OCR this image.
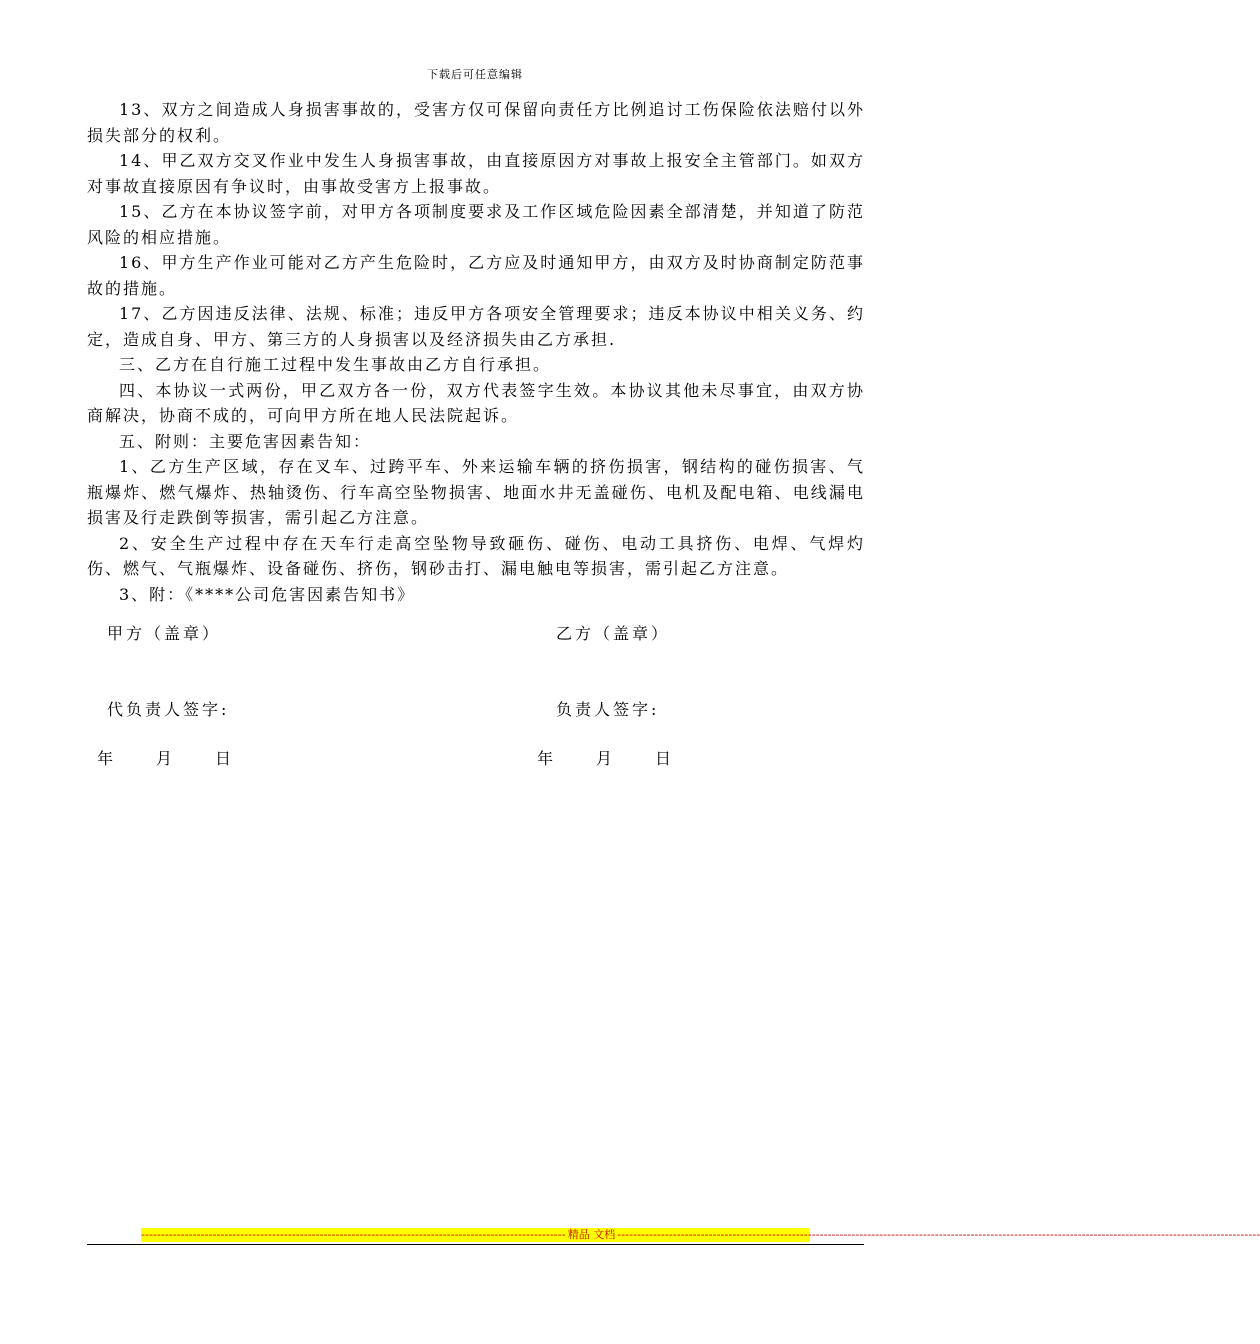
下载后可任意编辑

13、双方之间造成人身损害事故的，受害方仅可保留向责任方比例追讨工伤保险依法赔付以外损失部分的权利。

14、甲乙双方交叉作业中发生人身损害事故，由直接原因方对事故上报安全主管部门。如双方对事故直接原因有争议时，由事故受害方上报事故。

15、乙方在本协议签字前，对甲方各项制度要求及工作区域危险因素全部清楚，并知道了防范风险的相应措施。

16、甲方生产作业可能对乙方产生危险时，乙方应及时通知甲方，由双方及时协商制定防范事故的措施。

17、乙方因违反法律、法规、标准；违反甲方各项安全管理要求；违反本协议中相关义务、约定，造成自身、甲方、第三方的人身损害以及经济损失由乙方承担.

三、乙方在自行施工过程中发生事故由乙方自行承担。

四、本协议一式两份，甲乙双方各一份，双方代表签字生效。本协议其他未尽事宜，由双方协商解决，协商不成的，可向甲方所在地人民法院起诉。

五、附则：主要危害因素告知：

1、乙方生产区域，存在叉车、过跨平车、外来运输车辆的挤伤损害，钢结构的碰伤损害、气瓶爆炸、燃气爆炸、热轴烫伤、行车高空坠物损害、地面水井无盖碰伤、电机及配电箱、电线漏电损害及行走跌倒等损害，需引起乙方注意。

2、安全生产过程中存在天车行走高空坠物导致砸伤、碰伤、电动工具挤伤、电焊、气焊灼伤、燃气、气瓶爆炸、设备碰伤、挤伤，钢砂击打、漏电触电等损害，需引起乙方注意。

3、附：《****公司危害因素告知书》

甲方（盖章）	乙方（盖章）
代负责人签字:	负责人签字:
年	月	日	年	月	日
----------------------------------------------------------------------------------------------------------- 精品 文档 ------------------------------------------------------------------------------------------------------------------------------------------------------------------
